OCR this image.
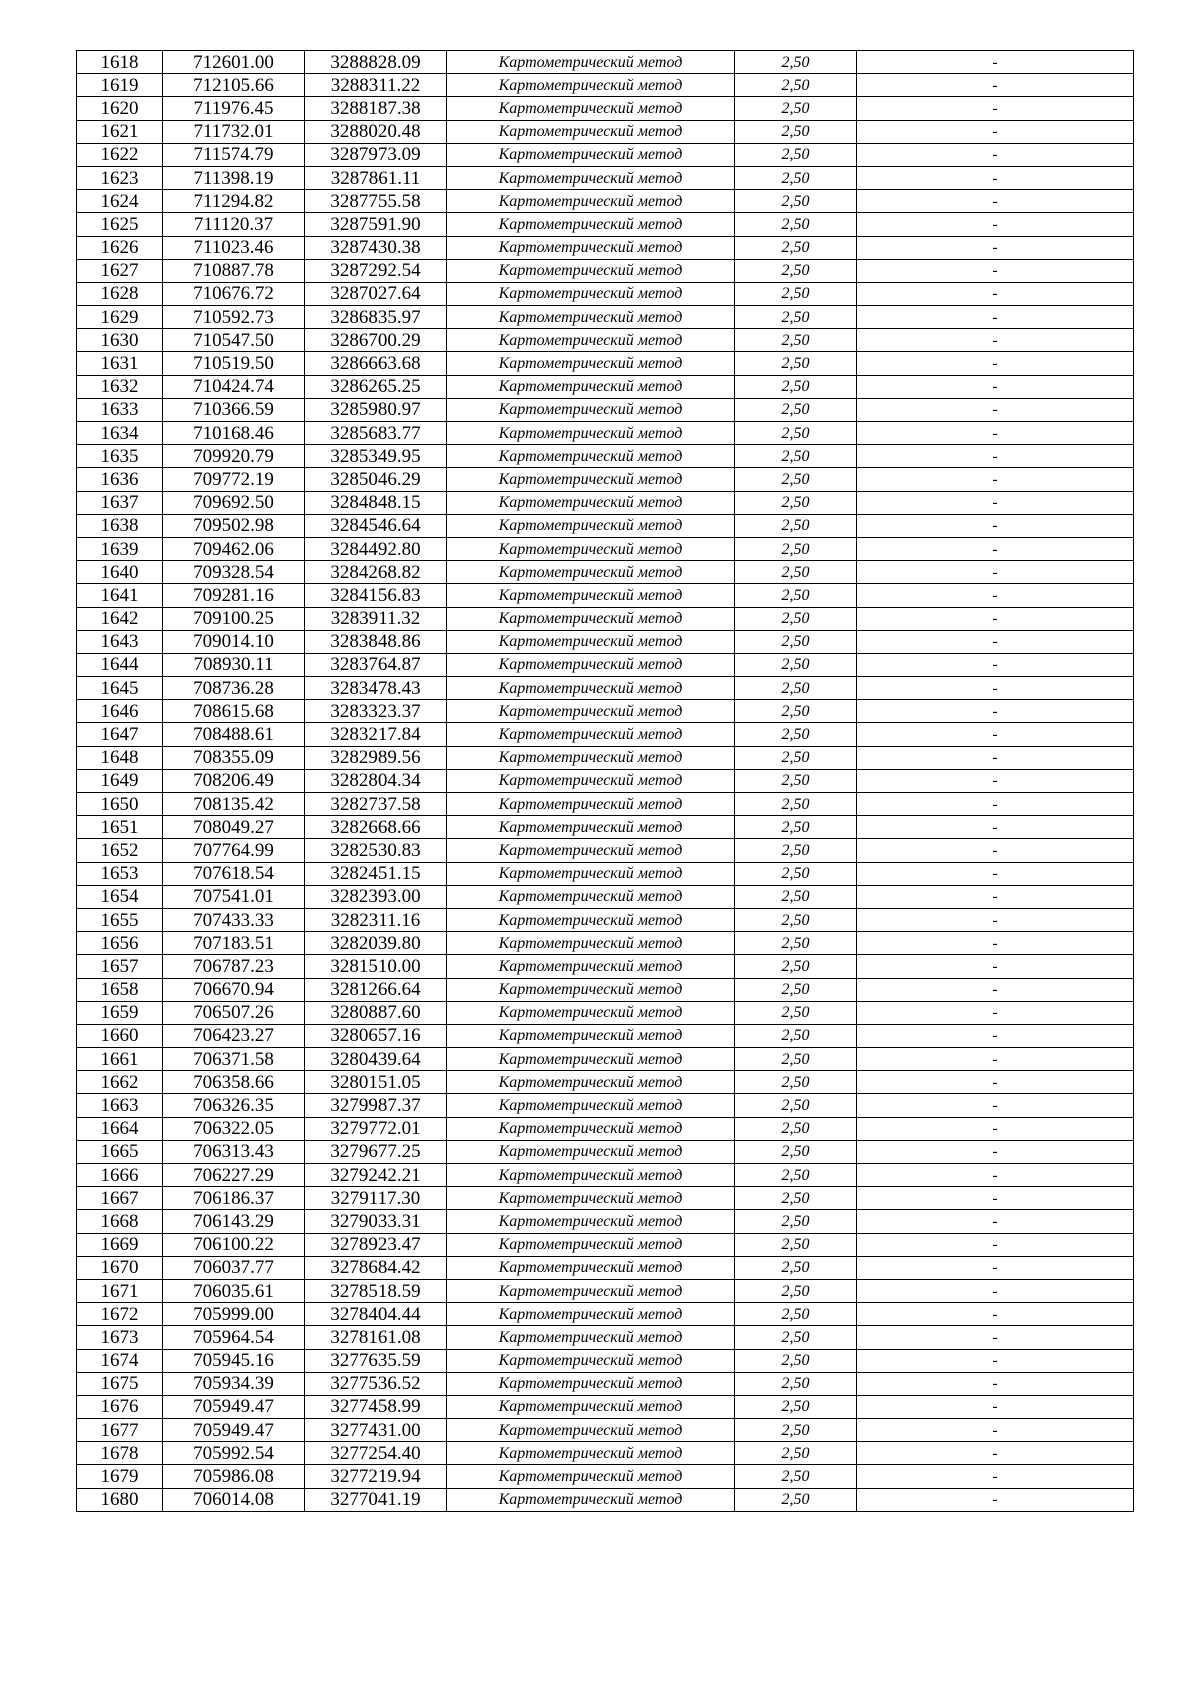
1618	712601.00	3288828.09	Картометрический метод	2,50	-
1619	712105.66	3288311.22	Картометрический метод	2,50	-
1620	711976.45	3288187.38	Картометрический метод	2,50	-
1621	711732.01	3288020.48	Картометрический метод	2,50	-
1622	711574.79	3287973.09	Картометрический метод	2,50	-
1623	711398.19	3287861.11	Картометрический метод	2,50	-
1624	711294.82	3287755.58	Картометрический метод	2,50	-
1625	711120.37	3287591.90	Картометрический метод	2,50	-
1626	711023.46	3287430.38	Картометрический метод	2,50	-
1627	710887.78	3287292.54	Картометрический метод	2,50	-
1628	710676.72	3287027.64	Картометрический метод	2,50	-
1629	710592.73	3286835.97	Картометрический метод	2,50	-
1630	710547.50	3286700.29	Картометрический метод	2,50	-
1631	710519.50	3286663.68	Картометрический метод	2,50	-
1632	710424.74	3286265.25	Картометрический метод	2,50	-
1633	710366.59	3285980.97	Картометрический метод	2,50	-
1634	710168.46	3285683.77	Картометрический метод	2,50	-
1635	709920.79	3285349.95	Картометрический метод	2,50	-
1636	709772.19	3285046.29	Картометрический метод	2,50	-
1637	709692.50	3284848.15	Картометрический метод	2,50	-
1638	709502.98	3284546.64	Картометрический метод	2,50	-
1639	709462.06	3284492.80	Картометрический метод	2,50	-
1640	709328.54	3284268.82	Картометрический метод	2,50	-
1641	709281.16	3284156.83	Картометрический метод	2,50	-
1642	709100.25	3283911.32	Картометрический метод	2,50	-
1643	709014.10	3283848.86	Картометрический метод	2,50	-
1644	708930.11	3283764.87	Картометрический метод	2,50	-
1645	708736.28	3283478.43	Картометрический метод	2,50	-
1646	708615.68	3283323.37	Картометрический метод	2,50	-
1647	708488.61	3283217.84	Картометрический метод	2,50	-
1648	708355.09	3282989.56	Картометрический метод	2,50	-
1649	708206.49	3282804.34	Картометрический метод	2,50	-
1650	708135.42	3282737.58	Картометрический метод	2,50	-
1651	708049.27	3282668.66	Картометрический метод	2,50	-
1652	707764.99	3282530.83	Картометрический метод	2,50	-
1653	707618.54	3282451.15	Картометрический метод	2,50	-
1654	707541.01	3282393.00	Картометрический метод	2,50	-
1655	707433.33	3282311.16	Картометрический метод	2,50	-
1656	707183.51	3282039.80	Картометрический метод	2,50	-
1657	706787.23	3281510.00	Картометрический метод	2,50	-
1658	706670.94	3281266.64	Картометрический метод	2,50	-
1659	706507.26	3280887.60	Картометрический метод	2,50	-
1660	706423.27	3280657.16	Картометрический метод	2,50	-
1661	706371.58	3280439.64	Картометрический метод	2,50	-
1662	706358.66	3280151.05	Картометрический метод	2,50	-
1663	706326.35	3279987.37	Картометрический метод	2,50	-
1664	706322.05	3279772.01	Картометрический метод	2,50	-
1665	706313.43	3279677.25	Картометрический метод	2,50	-
1666	706227.29	3279242.21	Картометрический метод	2,50	-
1667	706186.37	3279117.30	Картометрический метод	2,50	-
1668	706143.29	3279033.31	Картометрический метод	2,50	-
1669	706100.22	3278923.47	Картометрический метод	2,50	-
1670	706037.77	3278684.42	Картометрический метод	2,50	-
1671	706035.61	3278518.59	Картометрический метод	2,50	-
1672	705999.00	3278404.44	Картометрический метод	2,50	-
1673	705964.54	3278161.08	Картометрический метод	2,50	-
1674	705945.16	3277635.59	Картометрический метод	2,50	-
1675	705934.39	3277536.52	Картометрический метод	2,50	-
1676	705949.47	3277458.99	Картометрический метод	2,50	-
1677	705949.47	3277431.00	Картометрический метод	2,50	-
1678	705992.54	3277254.40	Картометрический метод	2,50	-
1679	705986.08	3277219.94	Картометрический метод	2,50	-
1680	706014.08	3277041.19	Картометрический метод	2,50	-
